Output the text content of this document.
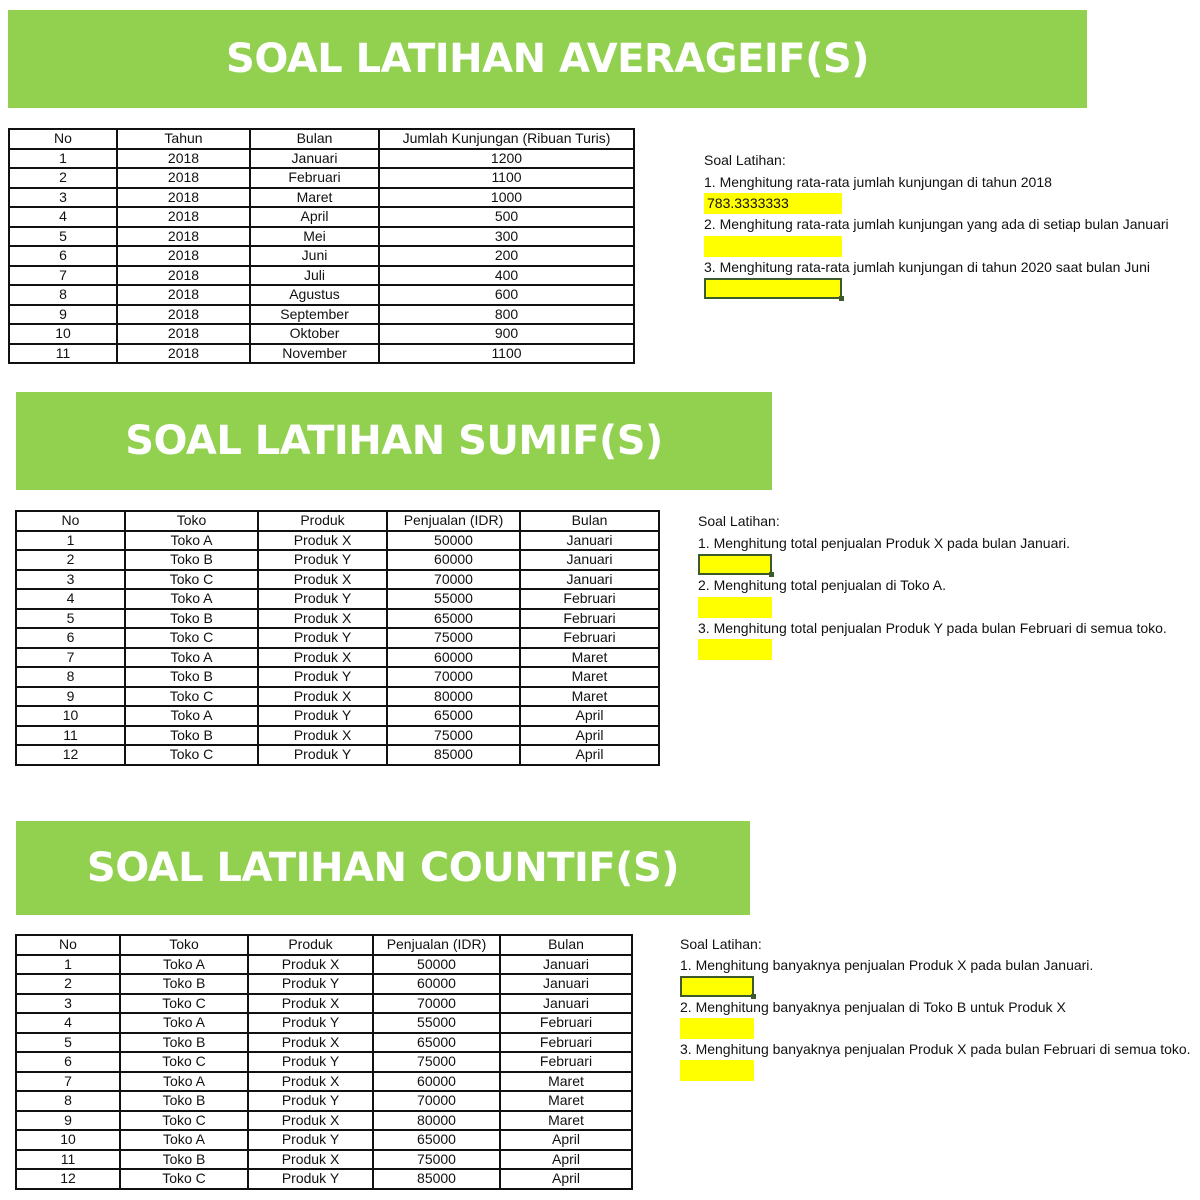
SOAL LATIHAN AVERAGEIF(S)
No	Tahun	Bulan	Jumlah Kunjungan (Ribuan Turis)
1	2018	Januari	1200
2	2018	Februari	1100
3	2018	Maret	1000
4	2018	April	500
5	2018	Mei	300
6	2018	Juni	200
7	2018	Juli	400
8	2018	Agustus	600
9	2018	September	800
10	2018	Oktober	900
11	2018	November	1100
Soal Latihan:
1. Menghitung rata-rata jumlah kunjungan di tahun 2018
783.3333333
2. Menghitung rata-rata jumlah kunjungan yang ada di setiap bulan Januari
3. Menghitung rata-rata jumlah kunjungan di tahun 2020 saat bulan Juni
SOAL LATIHAN SUMIF(S)
No	Toko	Produk	Penjualan (IDR)	Bulan
1	Toko A	Produk X	50000	Januari
2	Toko B	Produk Y	60000	Januari
3	Toko C	Produk X	70000	Januari
4	Toko A	Produk Y	55000	Februari
5	Toko B	Produk X	65000	Februari
6	Toko C	Produk Y	75000	Februari
7	Toko A	Produk X	60000	Maret
8	Toko B	Produk Y	70000	Maret
9	Toko C	Produk X	80000	Maret
10	Toko A	Produk Y	65000	April
11	Toko B	Produk X	75000	April
12	Toko C	Produk Y	85000	April
Soal Latihan:
1. Menghitung total penjualan Produk X pada bulan Januari.
2. Menghitung total penjualan di Toko A.
3. Menghitung total penjualan Produk Y pada bulan Februari di semua toko.
SOAL LATIHAN COUNTIF(S)
No	Toko	Produk	Penjualan (IDR)	Bulan
1	Toko A	Produk X	50000	Januari
2	Toko B	Produk Y	60000	Januari
3	Toko C	Produk X	70000	Januari
4	Toko A	Produk Y	55000	Februari
5	Toko B	Produk X	65000	Februari
6	Toko C	Produk Y	75000	Februari
7	Toko A	Produk X	60000	Maret
8	Toko B	Produk Y	70000	Maret
9	Toko C	Produk X	80000	Maret
10	Toko A	Produk Y	65000	April
11	Toko B	Produk X	75000	April
12	Toko C	Produk Y	85000	April
Soal Latihan:
1. Menghitung banyaknya penjualan Produk X pada bulan Januari.
2. Menghitung banyaknya penjualan di Toko B untuk Produk X
3. Menghitung banyaknya penjualan Produk X pada bulan Februari di semua toko.
